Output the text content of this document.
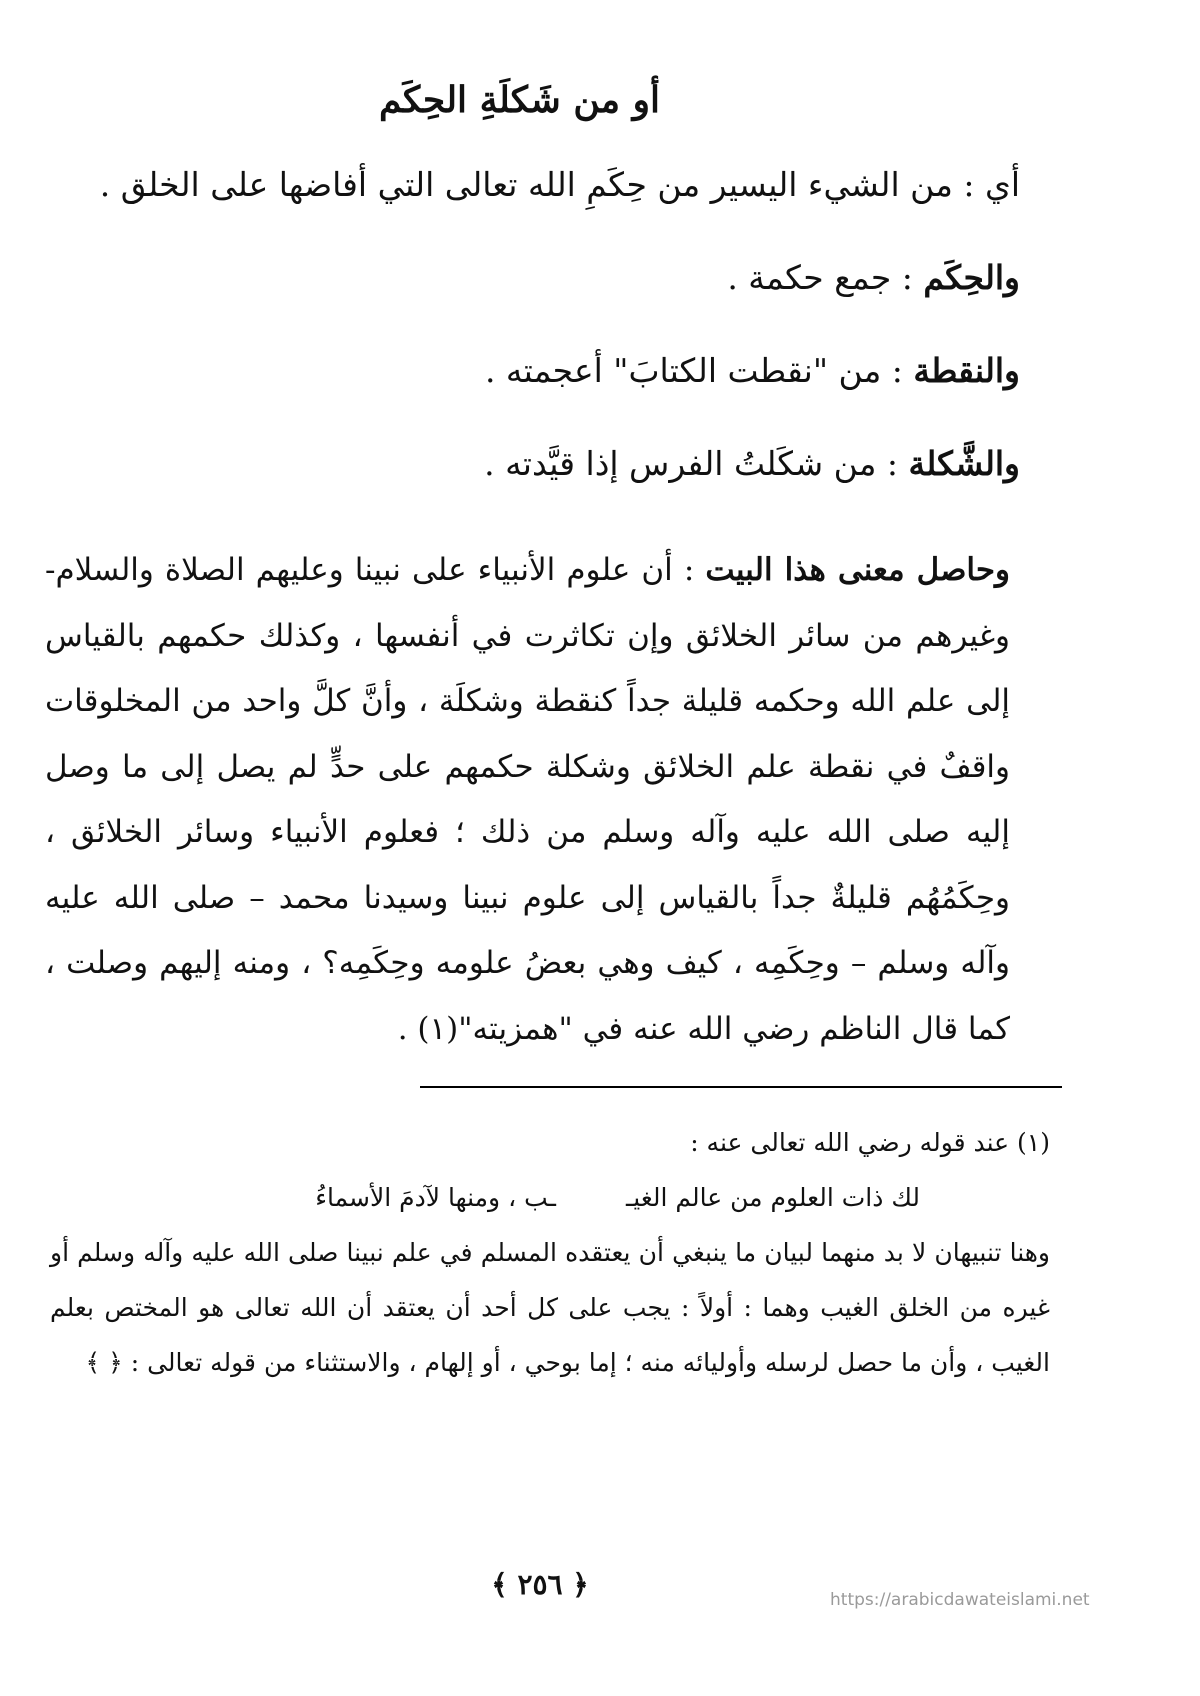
أو من شَكلَةِ الحِكَم
أي : من الشيء اليسير من حِكَمِ الله تعالى التي أفاضها على الخلق .
والحِكَم : جمع حكمة .
والنقطة : من "نقطت الكتابَ" أعجمته .
والشَّكلة : من شكَلتُ الفرس إذا قيَّدته .
وحاصل معنى هذا البيت : أن علوم الأنبياء على نبينا وعليهم الصلاة والسلام- وغيرهم من سائر الخلائق وإن تكاثرت في أنفسها ، وكذلك حكمهم بالقياس إلى علم الله وحكمه قليلة جداً كنقطة وشكلَة ، وأنَّ كلَّ واحد من المخلوقات واقفٌ في نقطة علم الخلائق وشكلة حكمهم على حدٍّ لم يصل إلى ما وصل إليه صلى الله عليه وآله وسلم من ذلك ؛ فعلوم الأنبياء وسائر الخلائق ، وحِكَمُهُم قليلةٌ جداً بالقياس إلى علوم نبينا وسيدنا محمد – صلى الله عليه وآله وسلم – وحِكَمِه ، كيف وهي بعضُ علومه وحِكَمِه؟ ، ومنه إليهم وصلت ، كما قال الناظم رضي الله عنه في "همزيته"(١) .
(١) عند قوله رضي الله تعالى عنه :
لك ذات العلوم من عالم الغيـ
ـب ، ومنها لآدمَ الأسماءُ
وهنا تنبيهان لا بد منهما لبيان ما ينبغي أن يعتقده المسلم في علم نبينا صلى الله عليه وآله وسلم أو غيره من الخلق الغيب وهما : أولاً : يجب على كل أحد أن يعتقد أن الله تعالى هو المختص بعلم الغيب ، وأن ما حصل لرسله وأوليائه منه ؛ إما بوحي ، أو إلهام ، والاستثناء من قوله تعالى : ﴿ ﴾
﴿ ٢٥٦ ﴾	https://arabicdawateislami.net
